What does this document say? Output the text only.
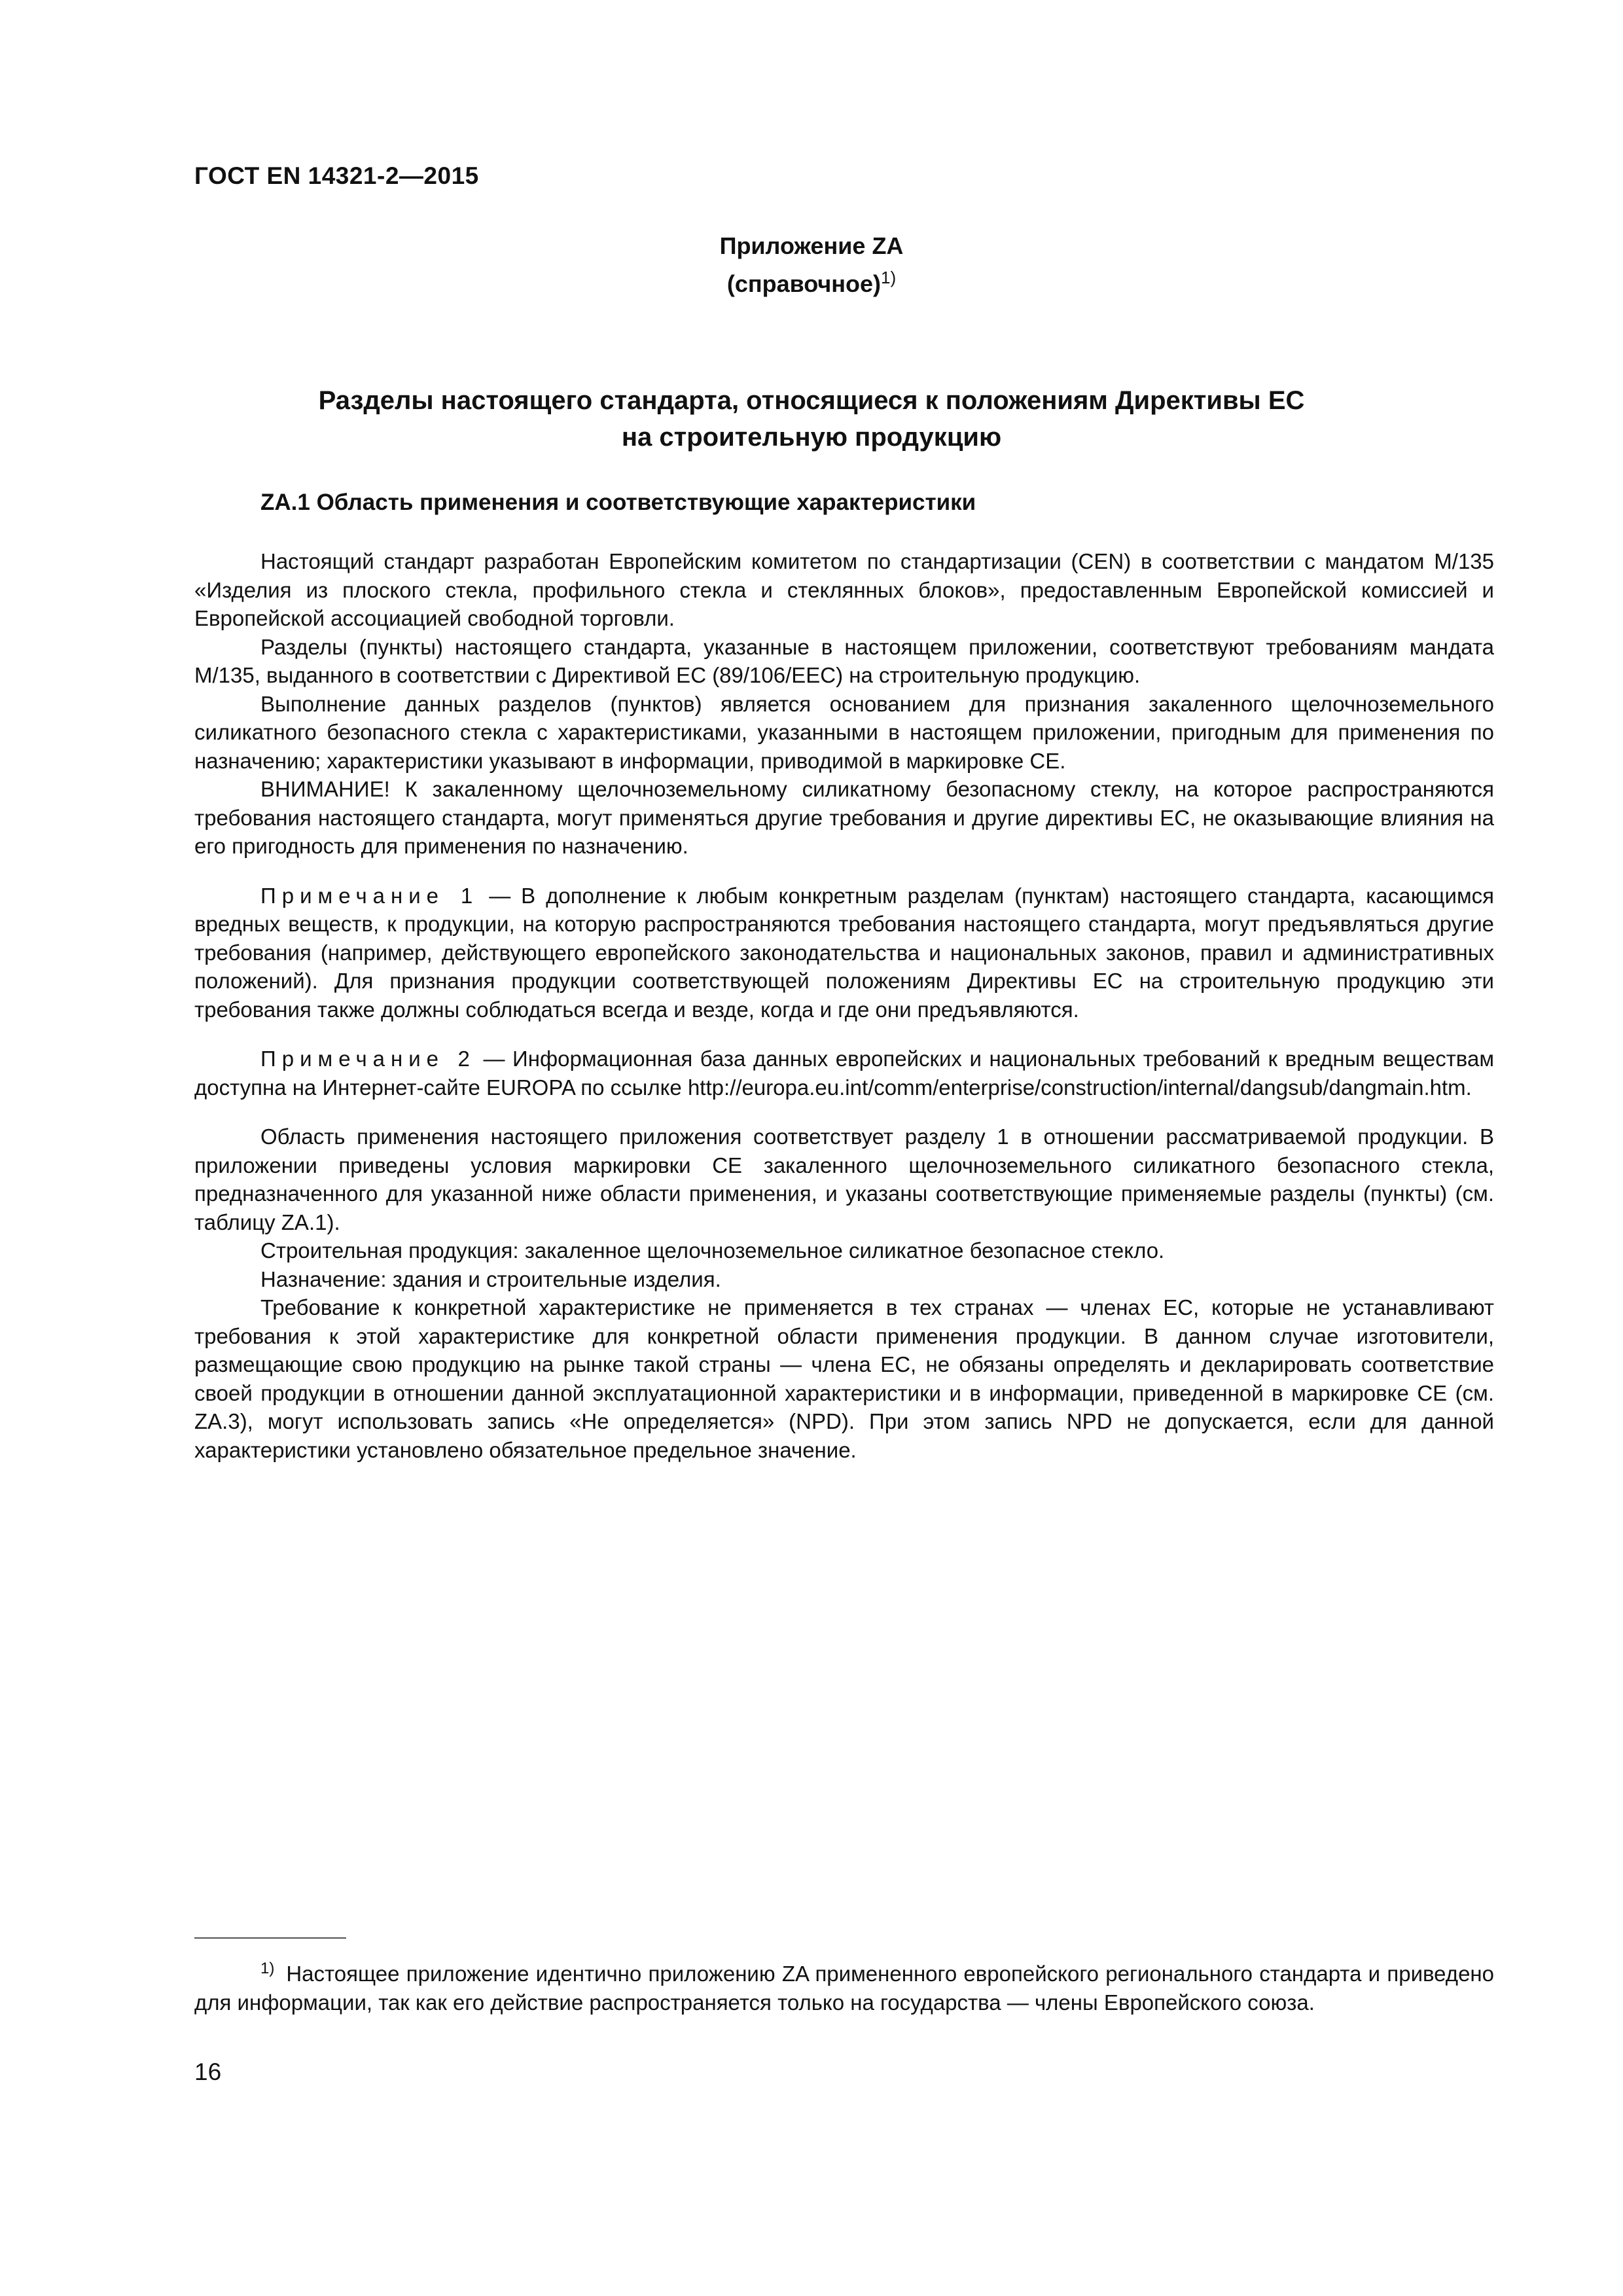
ГОСТ EN 14321-2—2015
Приложение ZA
(справочное)$^{1)}$
Разделы настоящего стандарта, относящиеся к положениям Директивы ЕС
на строительную продукцию
ZA.1 Область применения и соответствующие характеристики

Настоящий стандарт разработан Европейским комитетом по стандартизации (CEN) в соответствии с мандатом М/135 «Изделия из плоского стекла, профильного стекла и стеклянных блоков», предоставленным Европейской комиссией и Европейской ассоциацией свободной торговли.

Разделы (пункты) настоящего стандарта, указанные в настоящем приложении, соответствуют требованиям мандата М/135, выданного в соответствии с Директивой ЕС (89/106/EEC) на строительную продукцию.

Выполнение данных разделов (пунктов) является основанием для признания закаленного щелочноземельного силикатного безопасного стекла с характеристиками, указанными в настоящем приложении, пригодным для применения по назначению; характеристики указывают в информации, приводимой в маркировке СЕ.

ВНИМАНИЕ! К закаленному щелочноземельному силикатному безопасному стеклу, на которое распространяются требования настоящего стандарта, могут применяться другие требования и другие директивы ЕС, не оказывающие влияния на его пригодность для применения по назначению.

Примечание 1 — В дополнение к любым конкретным разделам (пунктам) настоящего стандарта, касающимся вредных веществ, к продукции, на которую распространяются требования настоящего стандарта, могут предъявляться другие требования (например, действующего европейского законодательства и национальных законов, правил и административных положений). Для признания продукции соответствующей положениям Директивы ЕС на строительную продукцию эти требования также должны соблюдаться всегда и везде, когда и где они предъявляются.

Примечание 2 — Информационная база данных европейских и национальных требований к вредным веществам доступна на Интернет-сайте EUROPA по ссылке http://europa.eu.int/comm/enterprise/construction/internal/dangsub/dangmain.htm.

Область применения настоящего приложения соответствует разделу 1 в отношении рассматриваемой продукции. В приложении приведены условия маркировки СЕ закаленного щелочноземельного силикатного безопасного стекла, предназначенного для указанной ниже области применения, и указаны соответствующие применяемые разделы (пункты) (см. таблицу ZA.1).

Строительная продукция: закаленное щелочноземельное силикатное безопасное стекло.

Назначение: здания и строительные изделия.

Требование к конкретной характеристике не применяется в тех странах — членах ЕС, которые не устанавливают требования к этой характеристике для конкретной области применения продукции. В данном случае изготовители, размещающие свою продукцию на рынке такой страны — члена ЕС, не обязаны определять и декларировать соответствие своей продукции в отношении данной эксплуатационной характеристики и в информации, приведенной в маркировке СЕ (см. ZA.3), могут использовать запись «Не определяется» (NPD). При этом запись NPD не допускается, если для данной характеристики установлено обязательное предельное значение.

$^{1)}$ Настоящее приложение идентично приложению ZA примененного европейского регионального стандарта и приведено для информации, так как его действие распространяется только на государства — члены Европейского союза.

16
